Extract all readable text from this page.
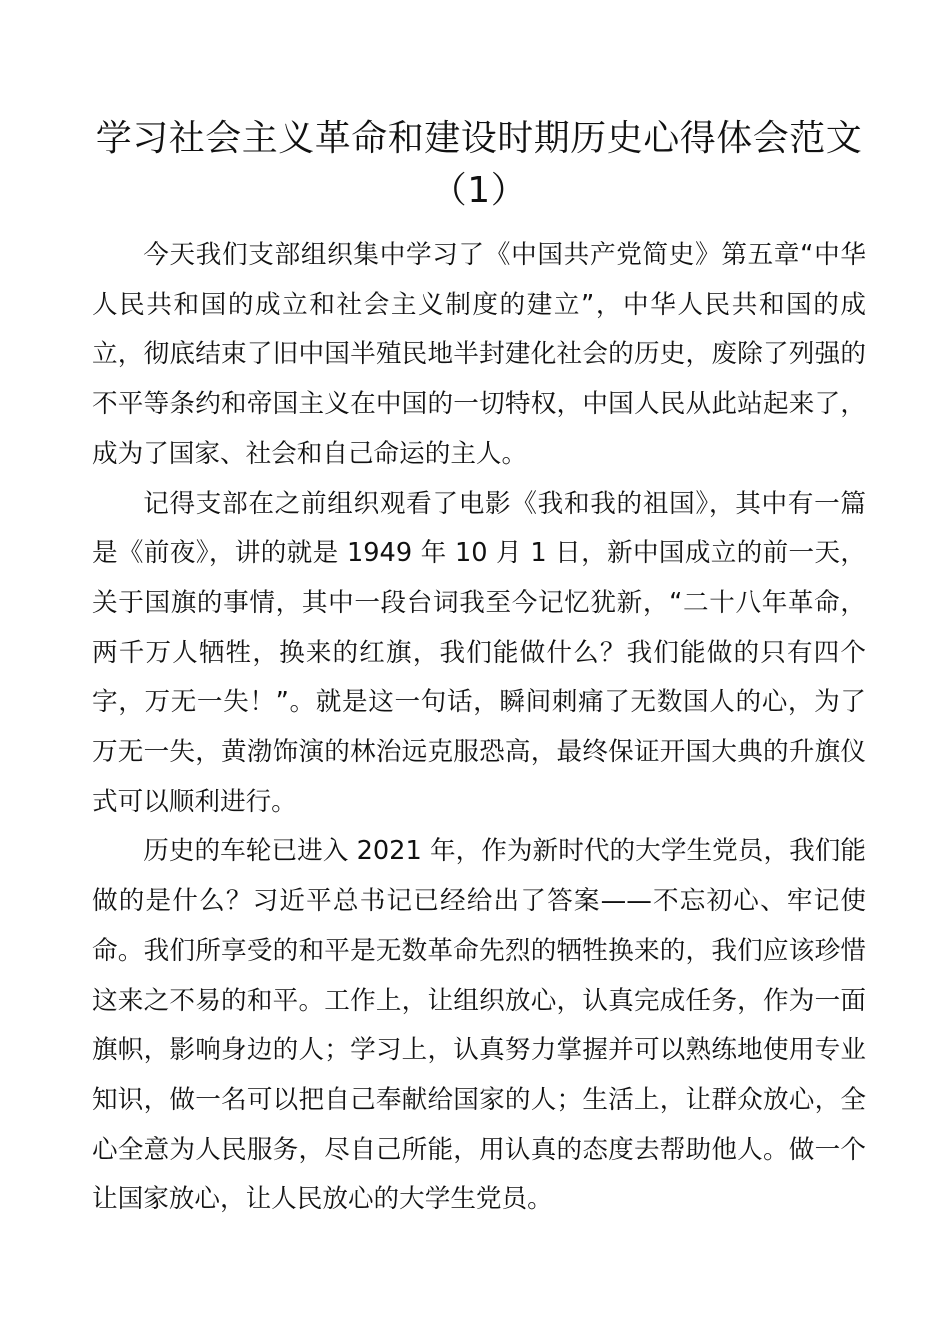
学习社会主义革命和建设时期历史心得体会范文
（1）

今天我们支部组织集中学习了《中国共产党简史》第五章“中华人民共和国的成立和社会主义制度的建立”，中华人民共和国的成立，彻底结束了旧中国半殖民地半封建化社会的历史，废除了列强的不平等条约和帝国主义在中国的一切特权，中国人民从此站起来了，成为了国家、社会和自己命运的主人。

记得支部在之前组织观看了电影《我和我的祖国》，其中有一篇是《前夜》，讲的就是 1949 年 10 月 1 日，新中国成立的前一天，关于国旗的事情，其中一段台词我至今记忆犹新，“二十八年革命，两千万人牺牲，换来的红旗，我们能做什么？我们能做的只有四个字，万无一失！”。就是这一句话，瞬间刺痛了无数国人的心，为了万无一失，黄渤饰演的林治远克服恐高，最终保证开国大典的升旗仪式可以顺利进行。

历史的车轮已进入 2021 年，作为新时代的大学生党员，我们能做的是什么？习近平总书记已经给出了答案——不忘初心、牢记使命。我们所享受的和平是无数革命先烈的牺牲换来的，我们应该珍惜这来之不易的和平。工作上，让组织放心，认真完成任务，作为一面旗帜，影响身边的人；学习上，认真努力掌握并可以熟练地使用专业知识，做一名可以把自己奉献给国家的人；生活上，让群众放心，全心全意为人民服务，尽自己所能，用认真的态度去帮助他人。做一个让国家放心，让人民放心的大学生党员。
